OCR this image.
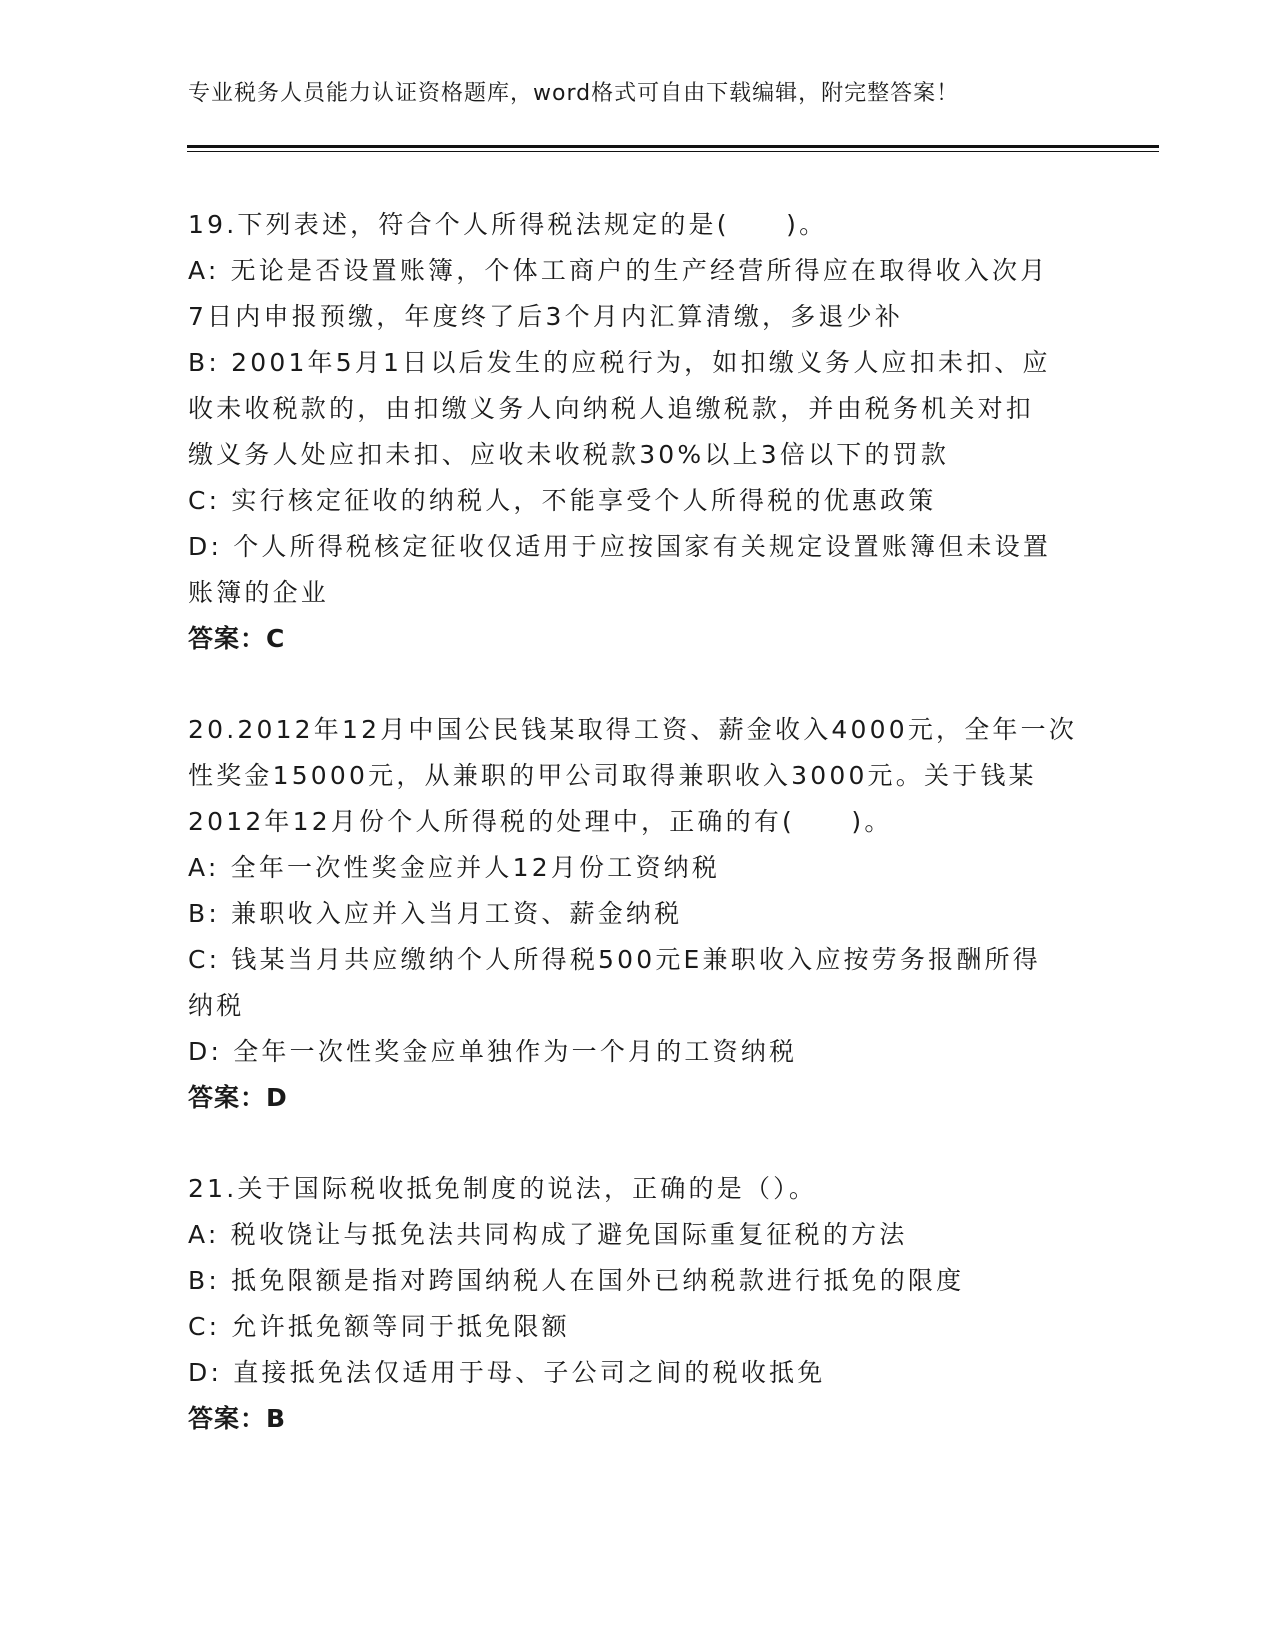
专业税务人员能力认证资格题库，word格式可自由下载编辑，附完整答案！
19.下列表述，符合个人所得税法规定的是(　　)。
A: 无论是否设置账簿，个体工商户的生产经营所得应在取得收入次月
7日内申报预缴，年度终了后3个月内汇算清缴，多退少补
B: 2001年5月1日以后发生的应税行为，如扣缴义务人应扣未扣、应
收未收税款的，由扣缴义务人向纳税人追缴税款，并由税务机关对扣
缴义务人处应扣未扣、应收未收税款30%以上3倍以下的罚款
C: 实行核定征收的纳税人，不能享受个人所得税的优惠政策
D: 个人所得税核定征收仅适用于应按国家有关规定设置账簿但未设置
账簿的企业
答案：C
20.2012年12月中国公民钱某取得工资、薪金收入4000元，全年一次
性奖金15000元，从兼职的甲公司取得兼职收入3000元。关于钱某
2012年12月份个人所得税的处理中，正确的有(　　)。
A: 全年一次性奖金应并人12月份工资纳税
B: 兼职收入应并入当月工资、薪金纳税
C: 钱某当月共应缴纳个人所得税500元E兼职收入应按劳务报酬所得
纳税
D: 全年一次性奖金应单独作为一个月的工资纳税
答案：D
21.关于国际税收抵免制度的说法，正确的是（）。
A: 税收饶让与抵免法共同构成了避免国际重复征税的方法
B: 抵免限额是指对跨国纳税人在国外已纳税款进行抵免的限度
C: 允许抵免额等同于抵免限额
D: 直接抵免法仅适用于母、子公司之间的税收抵免
答案：B
